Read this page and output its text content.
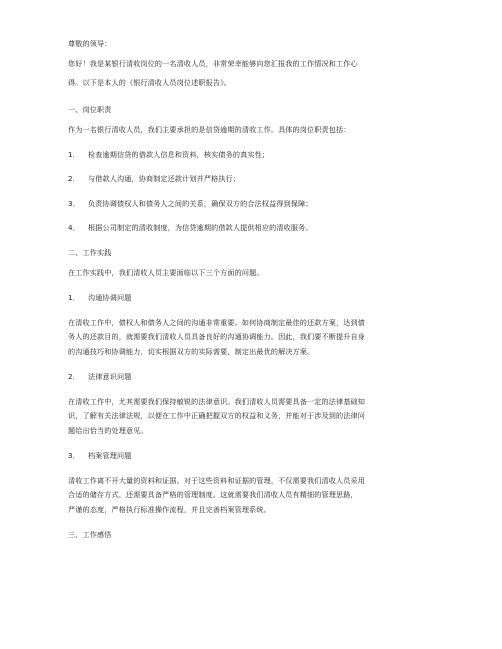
尊敬的领导：
您好！我是某银行清收岗位的一名清收人员，非常荣幸能够向您汇报我的工作情况和工作心
得。以下是本人的《银行清收人员岗位述职报告》。
一、岗位职责
作为一名银行清收人员，我们主要承担的是信贷逾期的清收工作。具体的岗位职责包括：
1． 检查逾期信贷的借款人信息和资料，核实债务的真实性；
2． 与借款人沟通，协商制定还款计划并严格执行；
3． 负责协调债权人和债务人之间的关系，确保双方的合法权益得到保障；
4． 根据公司制定的清收制度，为信贷逾期的借款人提供相应的清收服务。
二、工作实践
在工作实践中，我们清收人员主要面临以下三个方面的问题。
1． 沟通协调问题
在清收工作中，债权人和债务人之间的沟通非常重要。如何协商制定最佳的还款方案，达到债
务人的还款目的，就需要我们清收人员具备良好的沟通协调能力。因此，我们要不断提升自身
的沟通技巧和协调能力，切实根据双方的实际需要，制定出最优的解决方案。
2． 法律意识问题
在清收工作中，尤其需要我们保持敏锐的法律意识。我们清收人员需要具备一定的法律基础知
识，了解有关法律法规，以便在工作中正确把握双方的权益和义务，并能对于涉及到的法律问
题给出恰当的处理意见。
3． 档案管理问题
清收工作离不开大量的资料和证据。对于这些资料和证据的管理，不仅需要我们清收人员采用
合适的储存方式，还需要具备严格的管理制度。这就需要我们清收人员有精细的管理思路，
严谨的态度，严格执行标准操作流程，并且完善档案管理系统。
三、工作感悟
